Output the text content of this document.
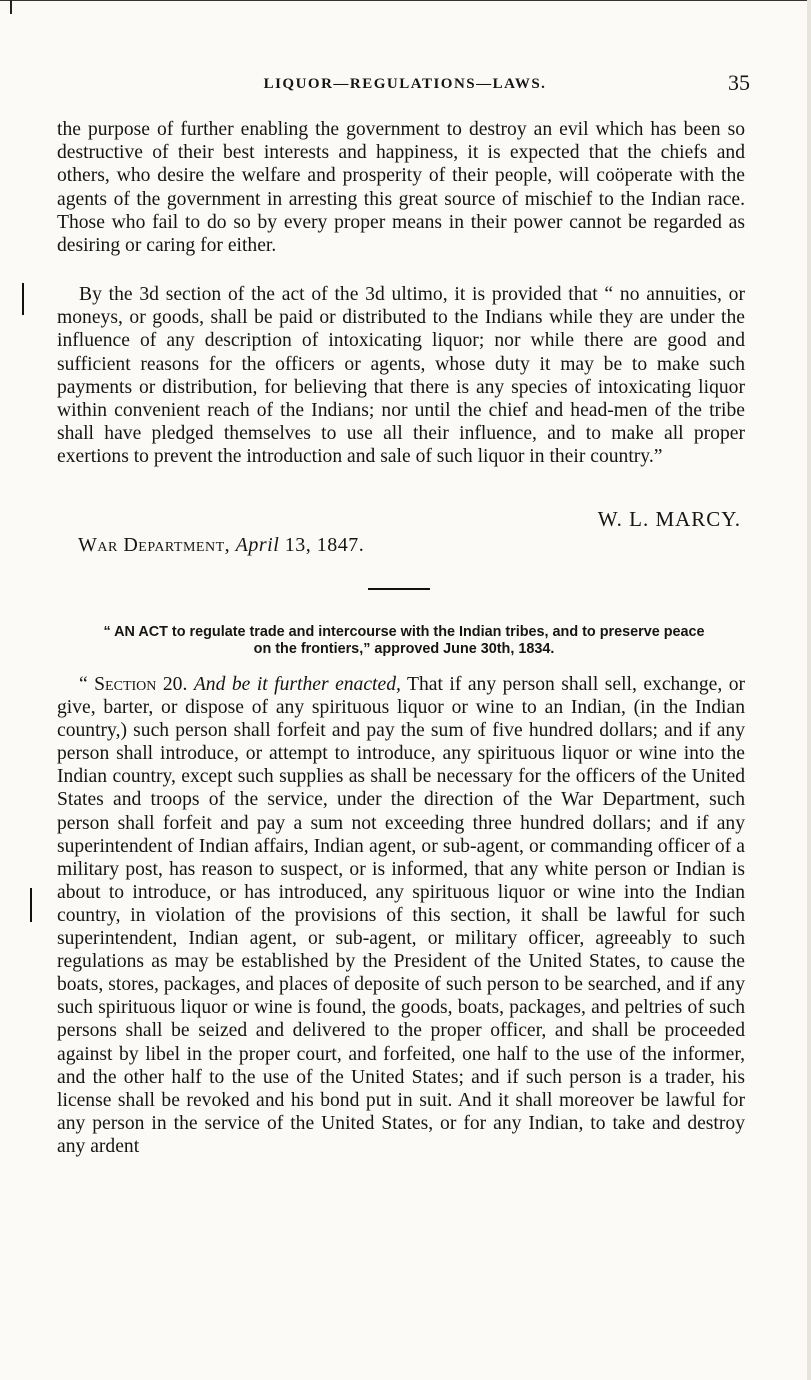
LIQUOR—REGULATIONS—LAWS.	35
the purpose of further enabling the government to destroy an evil which has been so destructive of their best interests and happiness, it is expected that the chiefs and others, who desire the welfare and prosperity of their people, will coöperate with the agents of the government in arresting this great source of mischief to the Indian race. Those who fail to do so by every proper means in their power cannot be regarded as desiring or caring for either.
By the 3d section of the act of the 3d ultimo, it is provided that “ no annuities, or moneys, or goods, shall be paid or distributed to the Indians while they are under the influence of any description of intoxicating liquor; nor while there are good and sufficient reasons for the officers or agents, whose duty it may be to make such payments or distribution, for believing that there is any species of intoxicating liquor within convenient reach of the Indians; nor until the chief and head-men of the tribe shall have pledged themselves to use all their influence, and to make all proper exertions to prevent the introduction and sale of such liquor in their country.”
W. L. MARCY.
War Department, April 13, 1847.
“ AN ACT to regulate trade and intercourse with the Indian tribes, and to preserve peace
on the frontiers,” approved June 30th, 1834.
“ Section 20. And be it further enacted, That if any person shall sell, exchange, or give, barter, or dispose of any spirituous liquor or wine to an Indian, (in the Indian country,) such person shall forfeit and pay the sum of five hundred dollars; and if any person shall introduce, or attempt to introduce, any spirituous liquor or wine into the Indian country, except such supplies as shall be necessary for the officers of the United States and troops of the service, under the direction of the War Department, such person shall forfeit and pay a sum not exceeding three hundred dollars; and if any superintendent of Indian affairs, Indian agent, or sub-agent, or commanding officer of a military post, has reason to suspect, or is informed, that any white person or Indian is about to introduce, or has introduced, any spirituous liquor or wine into the Indian country, in violation of the provisions of this section, it shall be lawful for such superintendent, Indian agent, or sub-agent, or military officer, agreeably to such regulations as may be established by the President of the United States, to cause the boats, stores, packages, and places of deposite of such person to be searched, and if any such spirituous liquor or wine is found, the goods, boats, packages, and peltries of such persons shall be seized and delivered to the proper officer, and shall be proceeded against by libel in the proper court, and forfeited, one half to the use of the informer, and the other half to the use of the United States; and if such person is a trader, his license shall be revoked and his bond put in suit. And it shall moreover be lawful for any person in the service of the United States, or for any Indian, to take and destroy any ardent
